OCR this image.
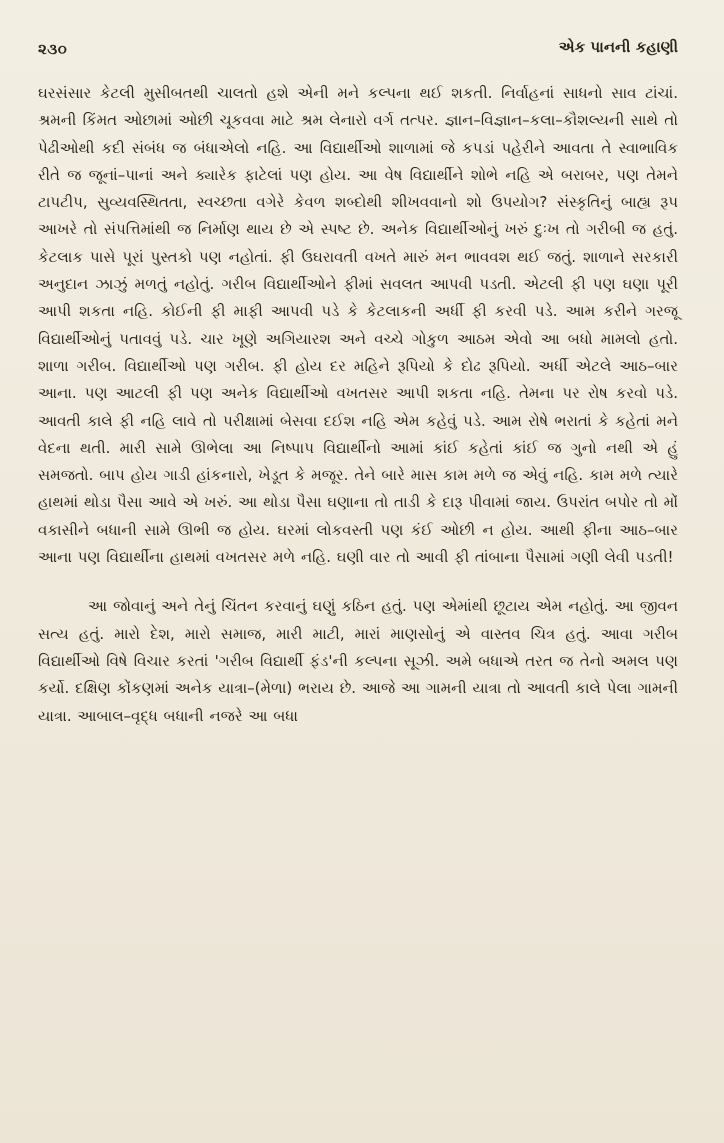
૨૩૦	એક પાનની કહાણી

ઘરસંસાર કેટલી મુસીબતથી ચાલતો હશે એની મને કલ્પના થઈ શકતી. નિર્વાહનાં સાધનો સાવ ટાંચાં. શ્રમની કિંમત ઓછામાં ઓછી ચૂકવવા માટે શ્રમ લેનારો વર્ગ તત્પર. જ્ઞાન–વિજ્ઞાન–કલા–કૌશલ્યની સાથે તો પેઢીઓથી કદી સંબંધ જ બંધાએલો નહિ. આ વિદ્યાર્થીઓ શાળામાં જે કપડાં પહેરીને આવતા તે સ્વાભાવિક રીતે જ જૂનાં–પાનાં અને ક્યારેક ફાટેલાં પણ હોય. આ વેષ વિદ્યાર્થીને શોભે નહિ એ બરાબર, પણ તેમને ટાપટીપ, સુવ્યવસ્થિતતા, સ્વચ્છતા વગેરે કેવળ શબ્દોથી શીખવવાનો શો ઉપયોગ? સંસ્કૃતિનું બાહ્ય રૂપ આખરે તો સંપત્તિમાંથી જ નિર્માણ થાય છે એ સ્પષ્ટ છે. અનેક વિદ્યાર્થીઓનું ખરું દુઃખ તો ગરીબી જ હતું. કેટલાક પાસે પૂરાં પુસ્તકો પણ નહોતાં. ફી ઉઘરાવતી વખતે મારું મન ભાવવશ થઈ જતું. શાળાને સરકારી અનુદાન ઝાઝું મળતું નહોતું. ગરીબ વિદ્યાર્થીઓને ફીમાં સવલત આપવી પડતી. એટલી ફી પણ ઘણા પૂરી આપી શકતા નહિ. કોઈની ફી માફી આપવી પડે કે કેટલાકની અર્ધી ફી કરવી પડે. આમ કરીને ગરજૂ વિદ્યાર્થીઓનું પતાવવું પડે. ચાર ખૂણે અગિયારશ અને વચ્ચે ગોકુળ આઠમ એવો આ બધો મામલો હતો. શાળા ગરીબ. વિદ્યાર્થીઓ પણ ગરીબ. ફી હોય દર મહિને રૂપિયો કે દોઢ રૂપિયો. અર્ધી એટલે આઠ–બાર આના. પણ આટલી ફી પણ અનેક વિદ્યાર્થીઓ વખતસર આપી શકતા નહિ. તેમના પર રોષ કરવો પડે. આવતી કાલે ફી નહિ લાવે તો પરીક્ષામાં બેસવા દઈશ નહિ એમ કહેવું પડે. આમ રોષે ભરાતાં કે કહેતાં મને વેદના થતી. મારી સામે ઊભેલા આ નિષ્પાપ વિદ્યાર્થીનો આમાં કાંઈ કહેતાં કાંઈ જ ગુનો નથી એ હું સમજતો. બાપ હોય ગાડી હાંકનારો, ખેડૂત કે મજૂર. તેને બારે માસ કામ મળે જ એવું નહિ. કામ મળે ત્યારે હાથમાં થોડા પૈસા આવે એ ખરું. આ થોડા પૈસા ઘણાના તો તાડી કે દારૂ પીવામાં જાય. ઉપરાંત બપોર તો મોં વકાસીને બધાની સામે ઊભી જ હોય. ઘરમાં લોકવસ્તી પણ કંઈ ઓછી ન હોય. આથી ફીના આઠ–બાર આના પણ વિદ્યાર્થીના હાથમાં વખતસર મળે નહિ. ઘણી વાર તો આવી ફી તાંબાના પૈસામાં ગણી લેવી પડતી!

આ જોવાનું અને તેનું ચિંતન કરવાનું ઘણું કઠિન હતું. પણ એમાંથી છૂટાય એમ નહોતું. આ જીવન સત્ય હતું. મારો દેશ, મારો સમાજ, મારી માટી, મારાં માણસોનું એ વાસ્તવ ચિત્ર હતું. આવા ગરીબ વિદ્યાર્થીઓ વિષે વિચાર કરતાં 'ગરીબ વિદ્યાર્થી ફંડ'ની કલ્પના સૂઝી. અમે બધાએ તરત જ તેનો અમલ પણ કર્યો. દક્ષિણ કોંકણમાં અનેક યાત્રા–(મેળા) ભરાય છે. આજે આ ગામની યાત્રા તો આવતી કાલે પેલા ગામની યાત્રા. આબાલ–વૃદ્ધ બધાની નજરે આ બધા
